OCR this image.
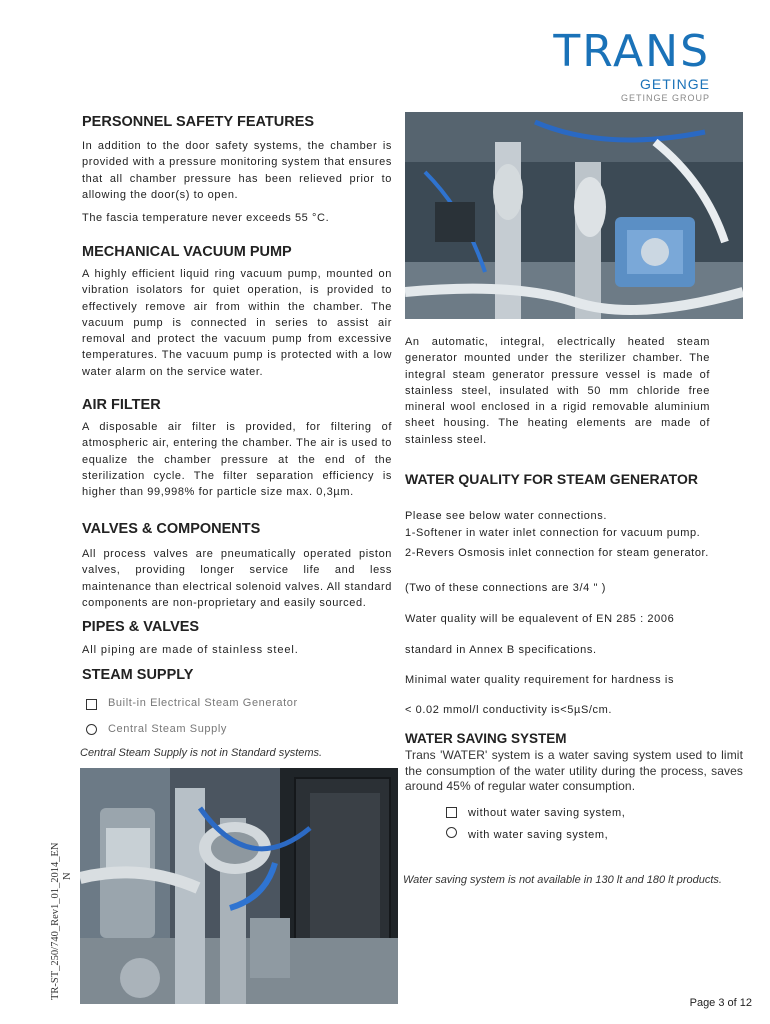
TRANS
GETINGE
GETINGE GROUP
PERSONNEL SAFETY FEATURES
In addition to the door safety systems, the chamber is provided with a pressure monitoring system that ensures that all chamber pressure has been relieved prior to allowing the door(s) to open.
The fascia temperature never exceeds 55 °C.
MECHANICAL VACUUM PUMP
A highly efficient liquid ring vacuum pump, mounted on vibration isolators for quiet operation, is provided to effectively remove air from within the chamber. The vacuum pump is connected in series to assist air removal and protect the vacuum pump from excessive temperatures. The vacuum pump is protected with a low water alarm on the service water.
AIR FILTER
A disposable air filter is provided, for filtering of atmospheric air, entering the chamber. The air is used to equalize the chamber pressure at the end of the sterilization cycle. The filter separation efficiency is higher than 99,998% for particle size max. 0,3µm.
VALVES & COMPONENTS
All process valves are pneumatically operated piston valves, providing longer service life and less maintenance than electrical solenoid valves. All standard components are non-proprietary and easily sourced.
PIPES & VALVES
All piping are made of stainless steel.
STEAM SUPPLY
Built-in Electrical Steam Generator
Central Steam Supply
Central Steam Supply is not in Standard systems.
An automatic, integral, electrically heated steam generator mounted under the sterilizer chamber. The integral steam generator pressure vessel is made of stainless steel, insulated with 50 mm chloride free mineral wool enclosed in a rigid removable aluminium sheet housing. The heating elements are made of stainless steel.
WATER QUALITY FOR STEAM GENERATOR
Please see below water connections.
1-Softener in water inlet connection for vacuum pump.
2-Revers Osmosis inlet connection for steam generator.
(Two of these connections are 3/4 " )
Water quality will be equalevent of EN 285 : 2006
standard in Annex B specifications.
Minimal water quality requirement for hardness is
< 0.02 mmol/l conductivity is<5µS/cm.
WATER SAVING SYSTEM
Trans 'WATER' system is a water saving system used to limit the consumption of the water utility during the process, saves around 45% of regular water consumption.
without water saving system,
with water saving system,
Water saving system is not available in 130 lt and 180 lt products.
TR-ST_250/740_Rev1_01_2014_EN N
Page 3 of 12
